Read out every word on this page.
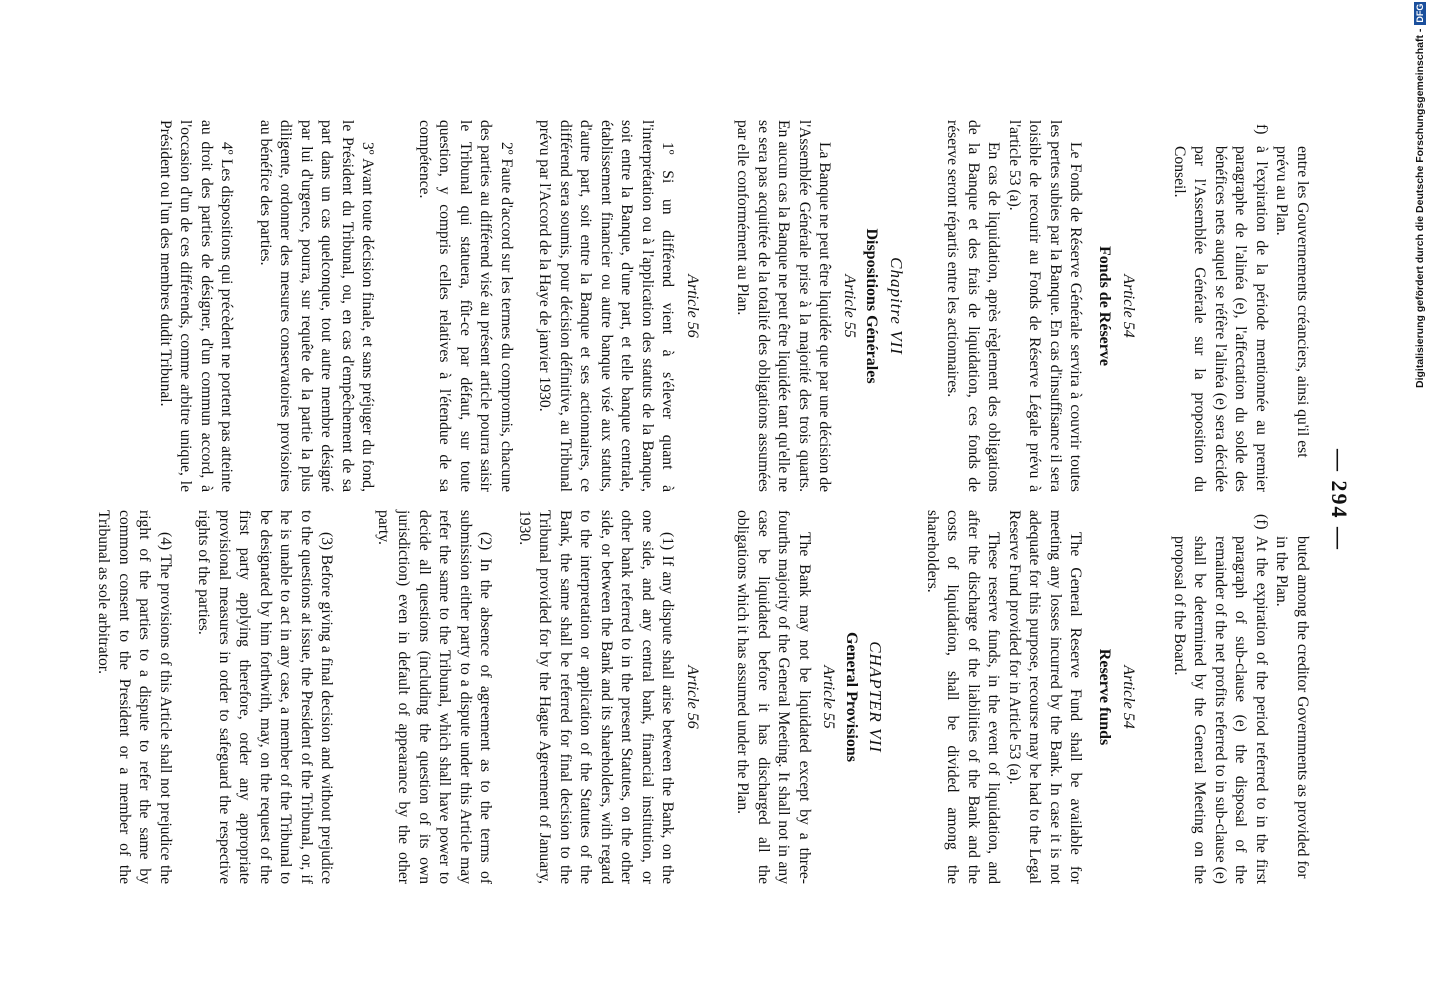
— 294 —

entre les Gouvernements créanciers, ainsi qu'il est prévu au Plan.

f)
à l'expiration de la période mentionnée au premier paragraphe de l'alinéa (e), l'affectation du solde des bénéfices nets auquel se réfère l'alinéa (e) sera décidée par l'Assemblée Générale sur la proposition du Conseil.

Article 54
Fonds de Réserve

Le Fonds de Réserve Générale servira à couvrir toutes les pertes subies par la Banque. En cas d'insuffisance il sera loisible de recourir au Fonds de Réserve Légale prévu à l'article 53 (a).

En cas de liquidation, après règlement des obligations de la Banque et des frais de liquidation, ces fonds de réserve seront répartis entre les actionnaires.

Chapitre VII
Dispositions Générales
Article 55

La Banque ne peut être liquidée que par une décision de l'Assemblée Générale prise à la majorité des trois quarts. En aucun cas la Banque ne peut être liquidée tant qu'elle ne se sera pas acquittée de la totalité des obligations assumées par elle conformément au Plan.

Article 56

1º Si un différend vient à s'élever quant à l'interprétation ou à l'application des statuts de la Banque, soit entre la Banque, d'une part, et telle banque centrale, établissement financier ou autre banque visé aux statuts, d'autre part, soit entre la Banque et ses actionnaires, ce différend sera soumis, pour décision définitive, au Tribunal prévu par l'Accord de la Haye de janvier 1930.

2º Faute d'accord sur les termes du compromis, chacune des parties au différend visé au présent article pourra saisir le Tribunal qui statuera, fût-ce par défaut, sur toute question, y compris celles relatives à l'étendue de sa compétence.

3º Avant toute décision finale, et sans préjuger du fond, le Président du Tribunal, ou, en cas d'empêchement de sa part dans un cas quelconque, tout autre membre désigné par lui d'urgence, pourra, sur requête de la partie la plus diligente, ordonner des mesures conservatoires provisoires au bénéfice des parties.

4º Les dispositions qui précèdent ne portent pas atteinte au droit des parties de désigner, d'un commun accord, à l'occasion d'un de ces différends, comme arbitre unique, le Président ou l'un des membres dudit Tribunal.

buted among the creditor Governments as provided for in the Plan.

(f)
At the expiration of the period referred to in the first paragraph of sub-clause (e) the disposal of the remainder of the net profits referred to in sub-clause (e) shall be determined by the General Meeting on the proposal of the Board.

Article 54
Reserve funds

The General Reserve Fund shall be available for meeting any losses incurred by the Bank. In case it is not adequate for this purpose, recourse may be had to the Legal Reserve Fund provided for in Article 53 (a).

These reserve funds, in the event of liquidation, and after the discharge of the liabilities of the Bank and the costs of liquidation, shall be divided among the shareholders.

CHAPTER VII
General Provisions
Article 55

The Bank may not be liquidated except by a three-fourths majority of the General Meeting. It shall not in any case be liquidated before it has discharged all the obligations which it has assumed under the Plan.

Article 56

(1) If any dispute shall arise between the Bank, on the one side, and any central bank, financial institution, or other bank referred to in the present Statutes, on the other side, or between the Bank and its shareholders, with regard to the interpretation or application of the Statutes of the Bank, the same shall be referred for final decision to the Tribunal provided for by the Hague Agreement of January, 1930.

(2) In the absence of agreement as to the terms of submission either party to a dispute under this Article may refer the same to the Tribunal, which shall have power to decide all questions (including the question of its own jurisdiction) even in default of appearance by the other party.

(3) Before giving a final decision and without prejudice to the questions at issue, the President of the Tribunal, or, if he is unable to act in any case, a member of the Tribunal to be designated by him forthwith, may, on the request of the first party applying therefore, order any appropriate provisional measures in order to safeguard the respective rights of the parties.

(4) The provisions of this Article shall not prejudice the right of the parties to a dispute to refer the same by common consent to the President or a member of the Tribunal as sole arbitrator.

Digitalisierung gefördert durch die Deutsche Forschungsgemeinschaft -DFG
